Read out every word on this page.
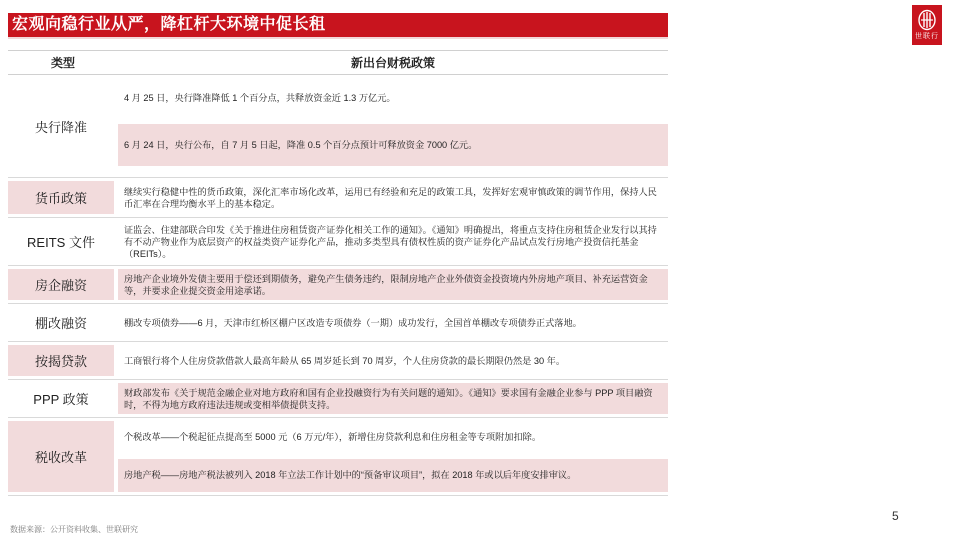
宏观向稳行业从严，降杠杆大环境中促长租
世联行
类型	新出台财税政策
央行降准
4 月 25 日，央行降准降低 1 个百分点，共释放资金近 1.3 万亿元。
6 月 24 日，央行公布，自 7 月 5 日起，降准 0.5 个百分点预计可释放资金 7000 亿元。
货币政策	继续实行稳健中性的货币政策，深化汇率市场化改革，运用已有经验和充足的政策工具，发挥好宏观审慎政策的调节作用，保持人民币汇率在合理均衡水平上的基本稳定。
REITS 文件
证监会、住建部联合印发《关于推进住房租赁资产证券化相关工作的通知》。《通知》明确提出，将重点支持住房租赁企业发行以其持有不动产物业作为底层资产的权益类资产证券化产品，推动多类型具有债权性质的资产证券化产品试点发行房地产投资信托基金（REITs）。
房企融资	房地产企业境外发债主要用于偿还到期债务，避免产生债务违约，限制房地产企业外债资金投资境内外房地产项目、补充运营资金等，并要求企业提交资金用途承诺。
棚改融资	棚改专项债券——6 月，天津市红桥区棚户区改造专项债券（一期）成功发行，全国首单棚改专项债券正式落地。
按揭贷款	工商银行将个人住房贷款借款人最高年龄从 65 周岁延长到 70 周岁，个人住房贷款的最长期限仍然是 30 年。
PPP 政策	财政部发布《关于规范金融企业对地方政府和国有企业投融资行为有关问题的通知》。《通知》要求国有金融企业参与 PPP 项目融资时，不得为地方政府违法违规或变相举债提供支持。
税收改革
个税改革——个税起征点提高至 5000 元（6 万元/年），新增住房贷款利息和住房租金等专项附加扣除。
房地产税——房地产税法被列入 2018 年立法工作计划中的“预备审议项目”，拟在 2018 年或以后年度安排审议。
5
数据来源：公开资料收集、世联研究
